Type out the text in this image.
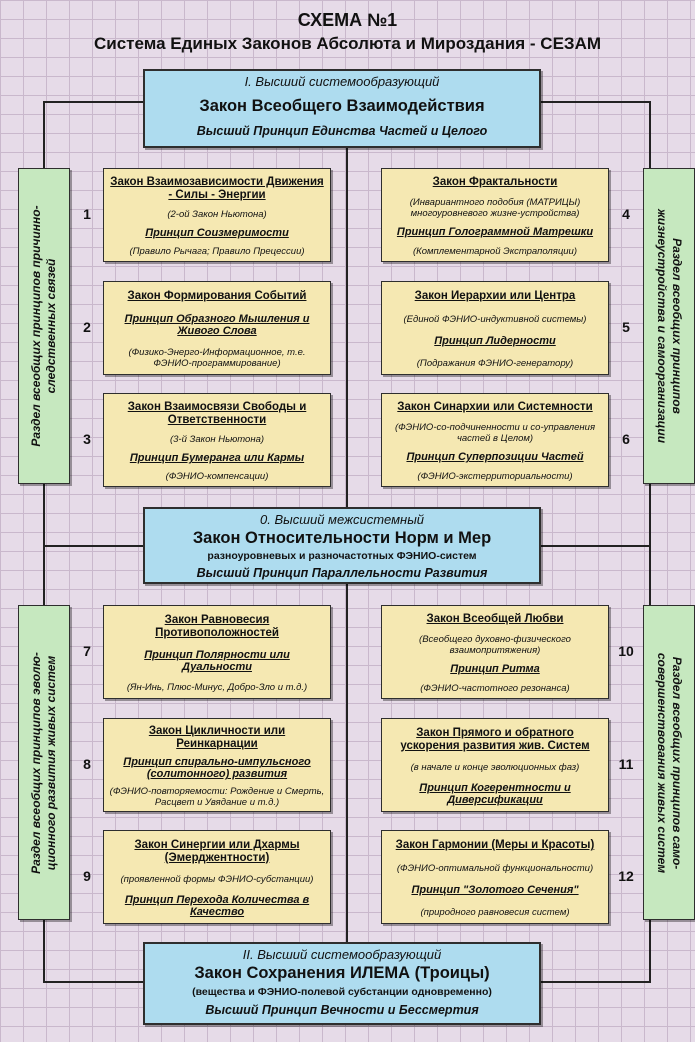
СХЕМА №1
Система Единых Законов Абсолюта и Мироздания - СЕЗАМ
I. Высший системообразующий
Закон Всеобщего Взаимодействия
Высший Принцип Единства Частей и Целого
0. Высший межсистемный
Закон Относительности Норм и Мер
разноуровневых и разночастотных ФЭНИО-систем
Высший Принцип Параллельности Развития
II. Высший системообразующий
Закон Сохранения ИЛЕМА (Троицы)
(вещества и ФЭНИО-полевой субстанции одновременно)
Высший Принцип Вечности и Бессмертия
Раздел всеобщих принципов причинно-
следственных связей	Раздел всеобщих принципов
жизнеустройства и самоорганизации
Раздел всеобщих принципов эволю-
ционного развития живых систем	Раздел всеобщих принципов само-
совершенствования живых систем
Закон Взаимозависимости Движения - Силы - Энергии
(2-ой Закон Ньютона)
Принцип Соизмеримости
(Правило Рычага; Правило Прецессии)
Закон Формирования Событий
Принцип Образного Мышления и Живого Слова
(Физико-Энерго-Информационное, т.е. ФЭНИО-программирование)
Закон Взаимосвязи Свободы и Ответственности
(3-й Закон Ньютона)
Принцип Бумеранга или Кармы
(ФЭНИО-компенсации)
Закон Фрактальности
(Инвариантного подобия (МАТРИЦЫ) многоуровневого жизне-устройства)
Принцип Голограммной Матрешки
(Комплементарной Экстраполяции)
Закон Иерархии или Центра
(Единой ФЭНИО-индуктивной системы)
Принцип Лидерности
(Подражания ФЭНИО-генератору)
Закон Синархии или Системности
(ФЭНИО-со-подчиненности и со-управления частей в Целом)
Принцип Суперпозиции Частей
(ФЭНИО-экстерриториальности)
Закон Равновесия Противоположностей
Принцип Полярности или Дуальности
(Ян-Инь, Плюс-Минус, Добро-Зло и т.д.)
Закон Цикличности или Реинкарнации
Принцип спирально-импульсного (солитонного) развития
(ФЭНИО-повторяемости: Рождение и Смерть, Расцвет и Увядание и т.д.)
Закон Синергии или Дхармы (Эмерджентности)
(проявленной формы ФЭНИО-субстанции)
Принцип Перехода Количества в Качество
Закон Всеобщей Любви
(Всеобщего духовно-физического взаимопритяжения)
Принцип Ритма
(ФЭНИО-частотного резонанса)
Закон Прямого и обратного ускорения развития жив. Систем
(в начале и конце эволюционных фаз)
Принцип Когерентности и Диверсификации
Закон Гармонии (Меры и Красоты)
(ФЭНИО-оптимальной функциональности)
Принцип "Золотого Сечения"
(природного равновесия систем)
1
2
3
4
5
6
7
8
9
10
11
12
